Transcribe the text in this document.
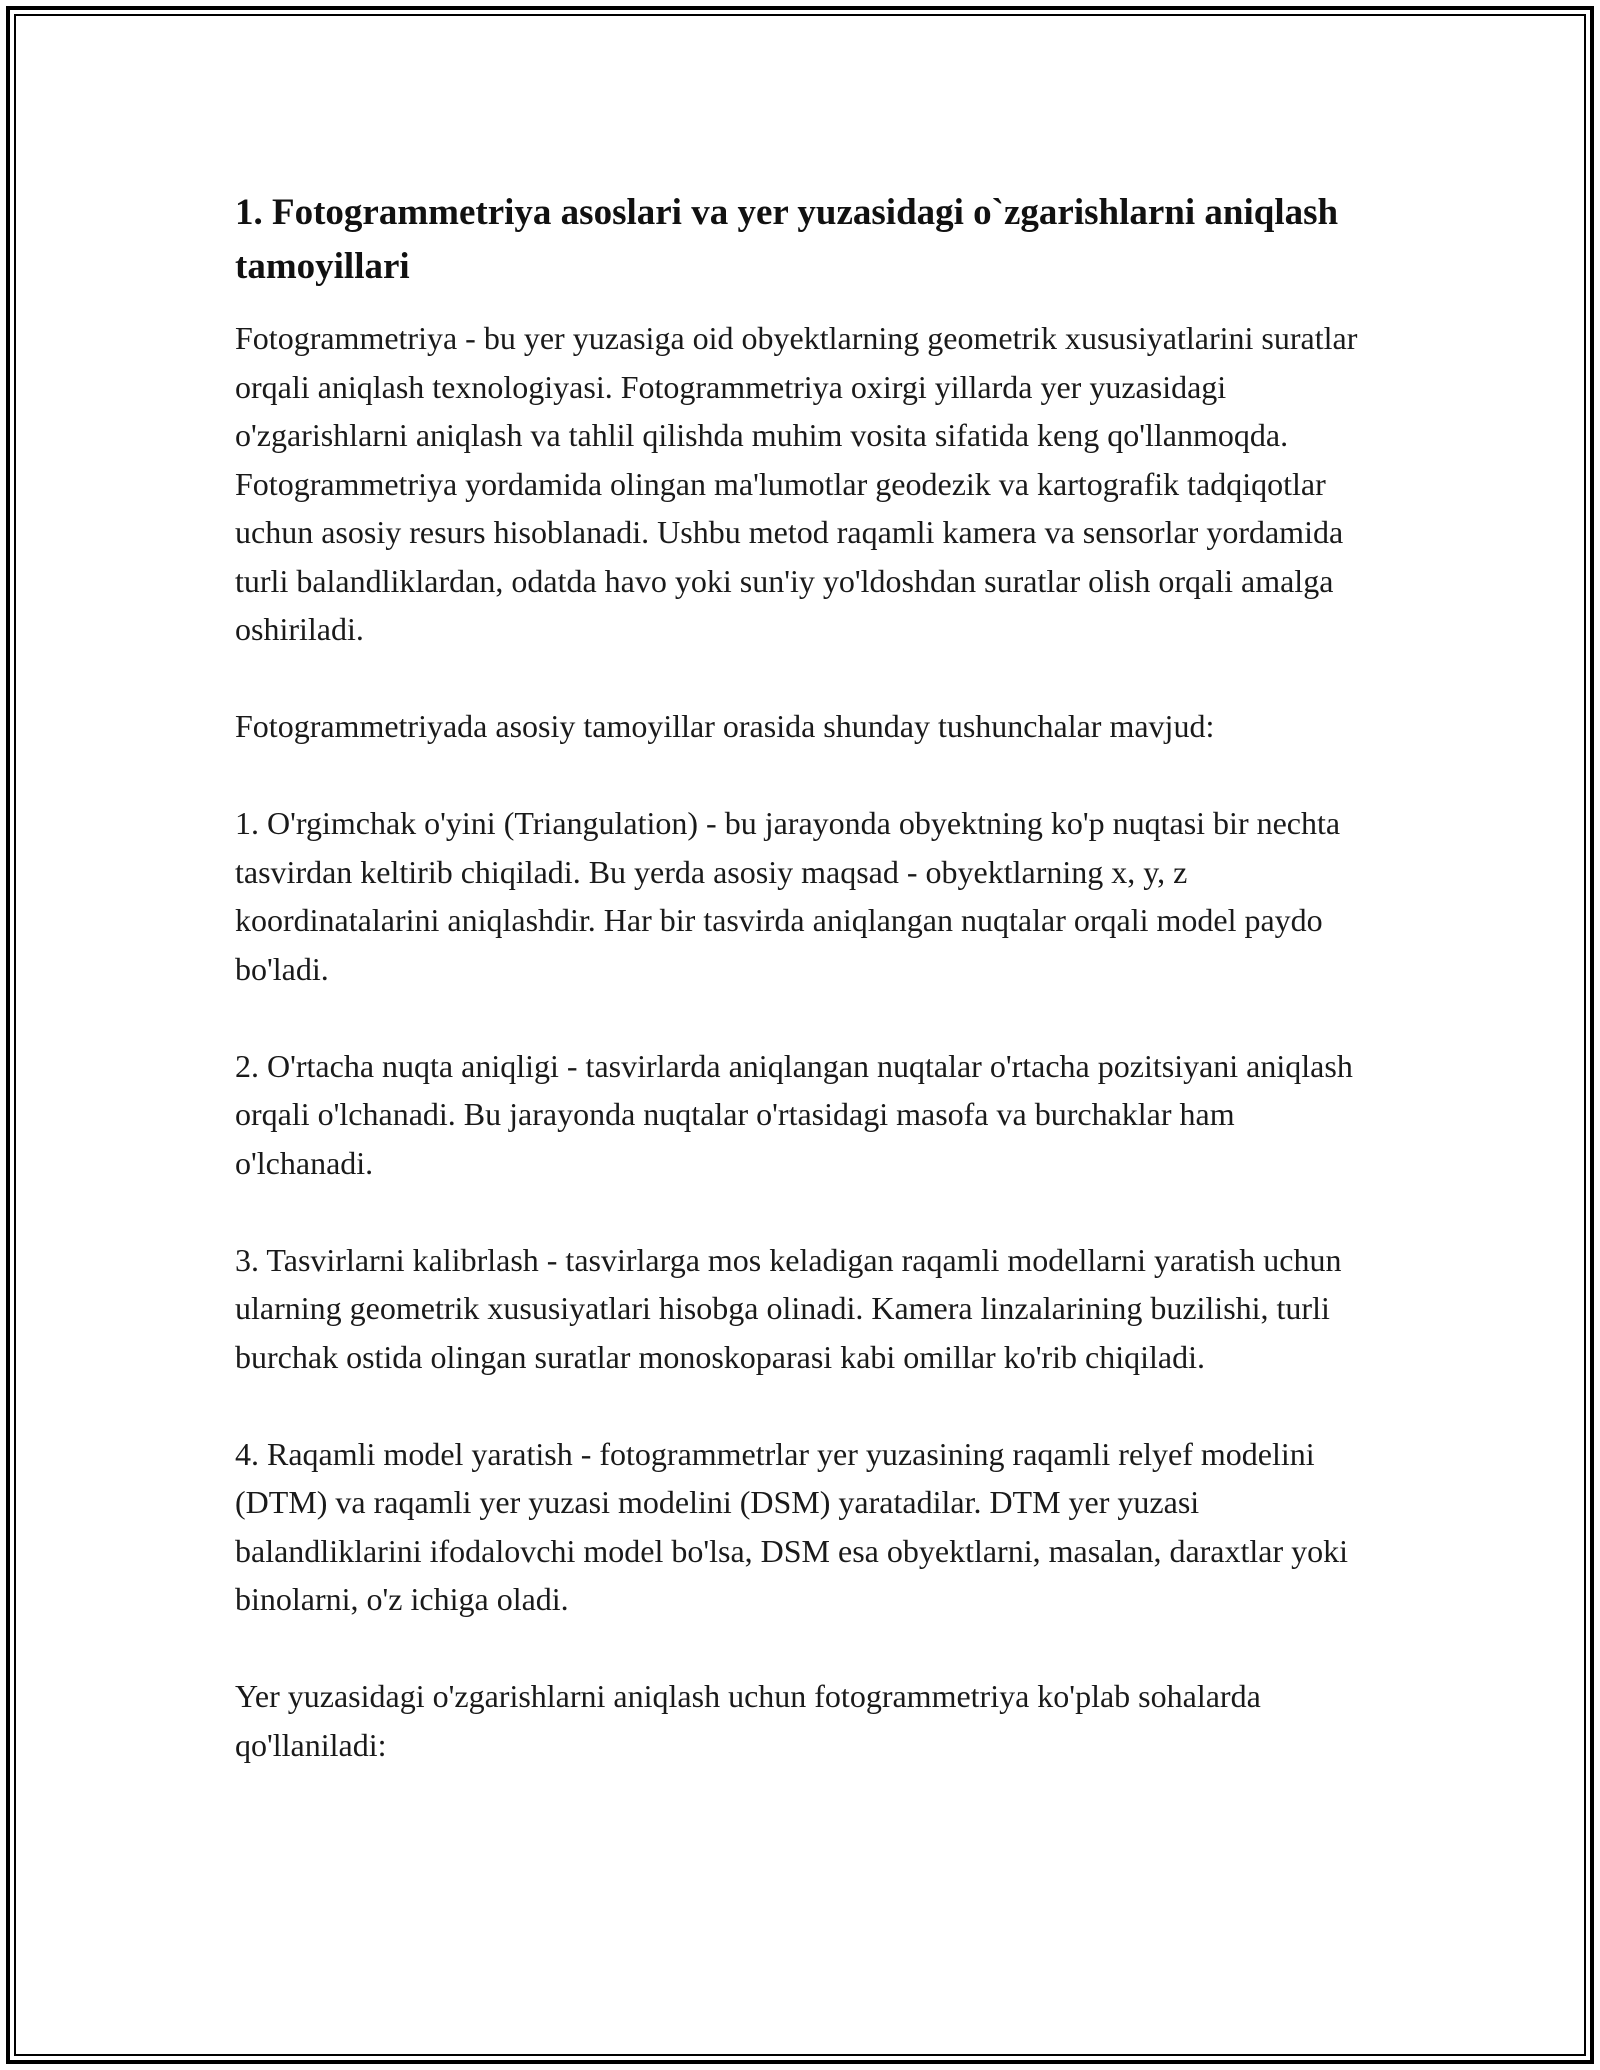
1. Fotogrammetriya asoslari va yer yuzasidagi o`zgarishlarni aniqlash tamoyillari

Fotogrammetriya - bu yer yuzasiga oid obyektlarning geometrik xususiyatlarini suratlar orqali aniqlash texnologiyasi. Fotogrammetriya oxirgi yillarda yer yuzasidagi o'zgarishlarni aniqlash va tahlil qilishda muhim vosita sifatida keng qo'llanmoqda. Fotogrammetriya yordamida olingan ma'lumotlar geodezik va kartografik tadqiqotlar uchun asosiy resurs hisoblanadi. Ushbu metod raqamli kamera va sensorlar yordamida turli balandliklardan, odatda havo yoki sun'iy yo'ldoshdan suratlar olish orqali amalga oshiriladi.

Fotogrammetriyada asosiy tamoyillar orasida shunday tushunchalar mavjud:

1. O'rgimchak o'yini (Triangulation) - bu jarayonda obyektning ko'p nuqtasi bir nechta tasvirdan keltirib chiqiladi. Bu yerda asosiy maqsad - obyektlarning x, y, z koordinatalarini aniqlashdir. Har bir tasvirda aniqlangan nuqtalar orqali model paydo bo'ladi.

2. O'rtacha nuqta aniqligi - tasvirlarda aniqlangan nuqtalar o'rtacha pozitsiyani aniqlash orqali o'lchanadi. Bu jarayonda nuqtalar o'rtasidagi masofa va burchaklar ham o'lchanadi.

3. Tasvirlarni kalibrlash - tasvirlarga mos keladigan raqamli modellarni yaratish uchun ularning geometrik xususiyatlari hisobga olinadi. Kamera linzalarining buzilishi, turli burchak ostida olingan suratlar monoskoparasi kabi omillar ko'rib chiqiladi.

4. Raqamli model yaratish - fotogrammetrlar yer yuzasining raqamli relyef modelini (DTM) va raqamli yer yuzasi modelini (DSM) yaratadilar. DTM yer yuzasi balandliklarini ifodalovchi model bo'lsa, DSM esa obyektlarni, masalan, daraxtlar yoki binolarni, o'z ichiga oladi.

Yer yuzasidagi o'zgarishlarni aniqlash uchun fotogrammetriya ko'plab sohalarda qo'llaniladi:
